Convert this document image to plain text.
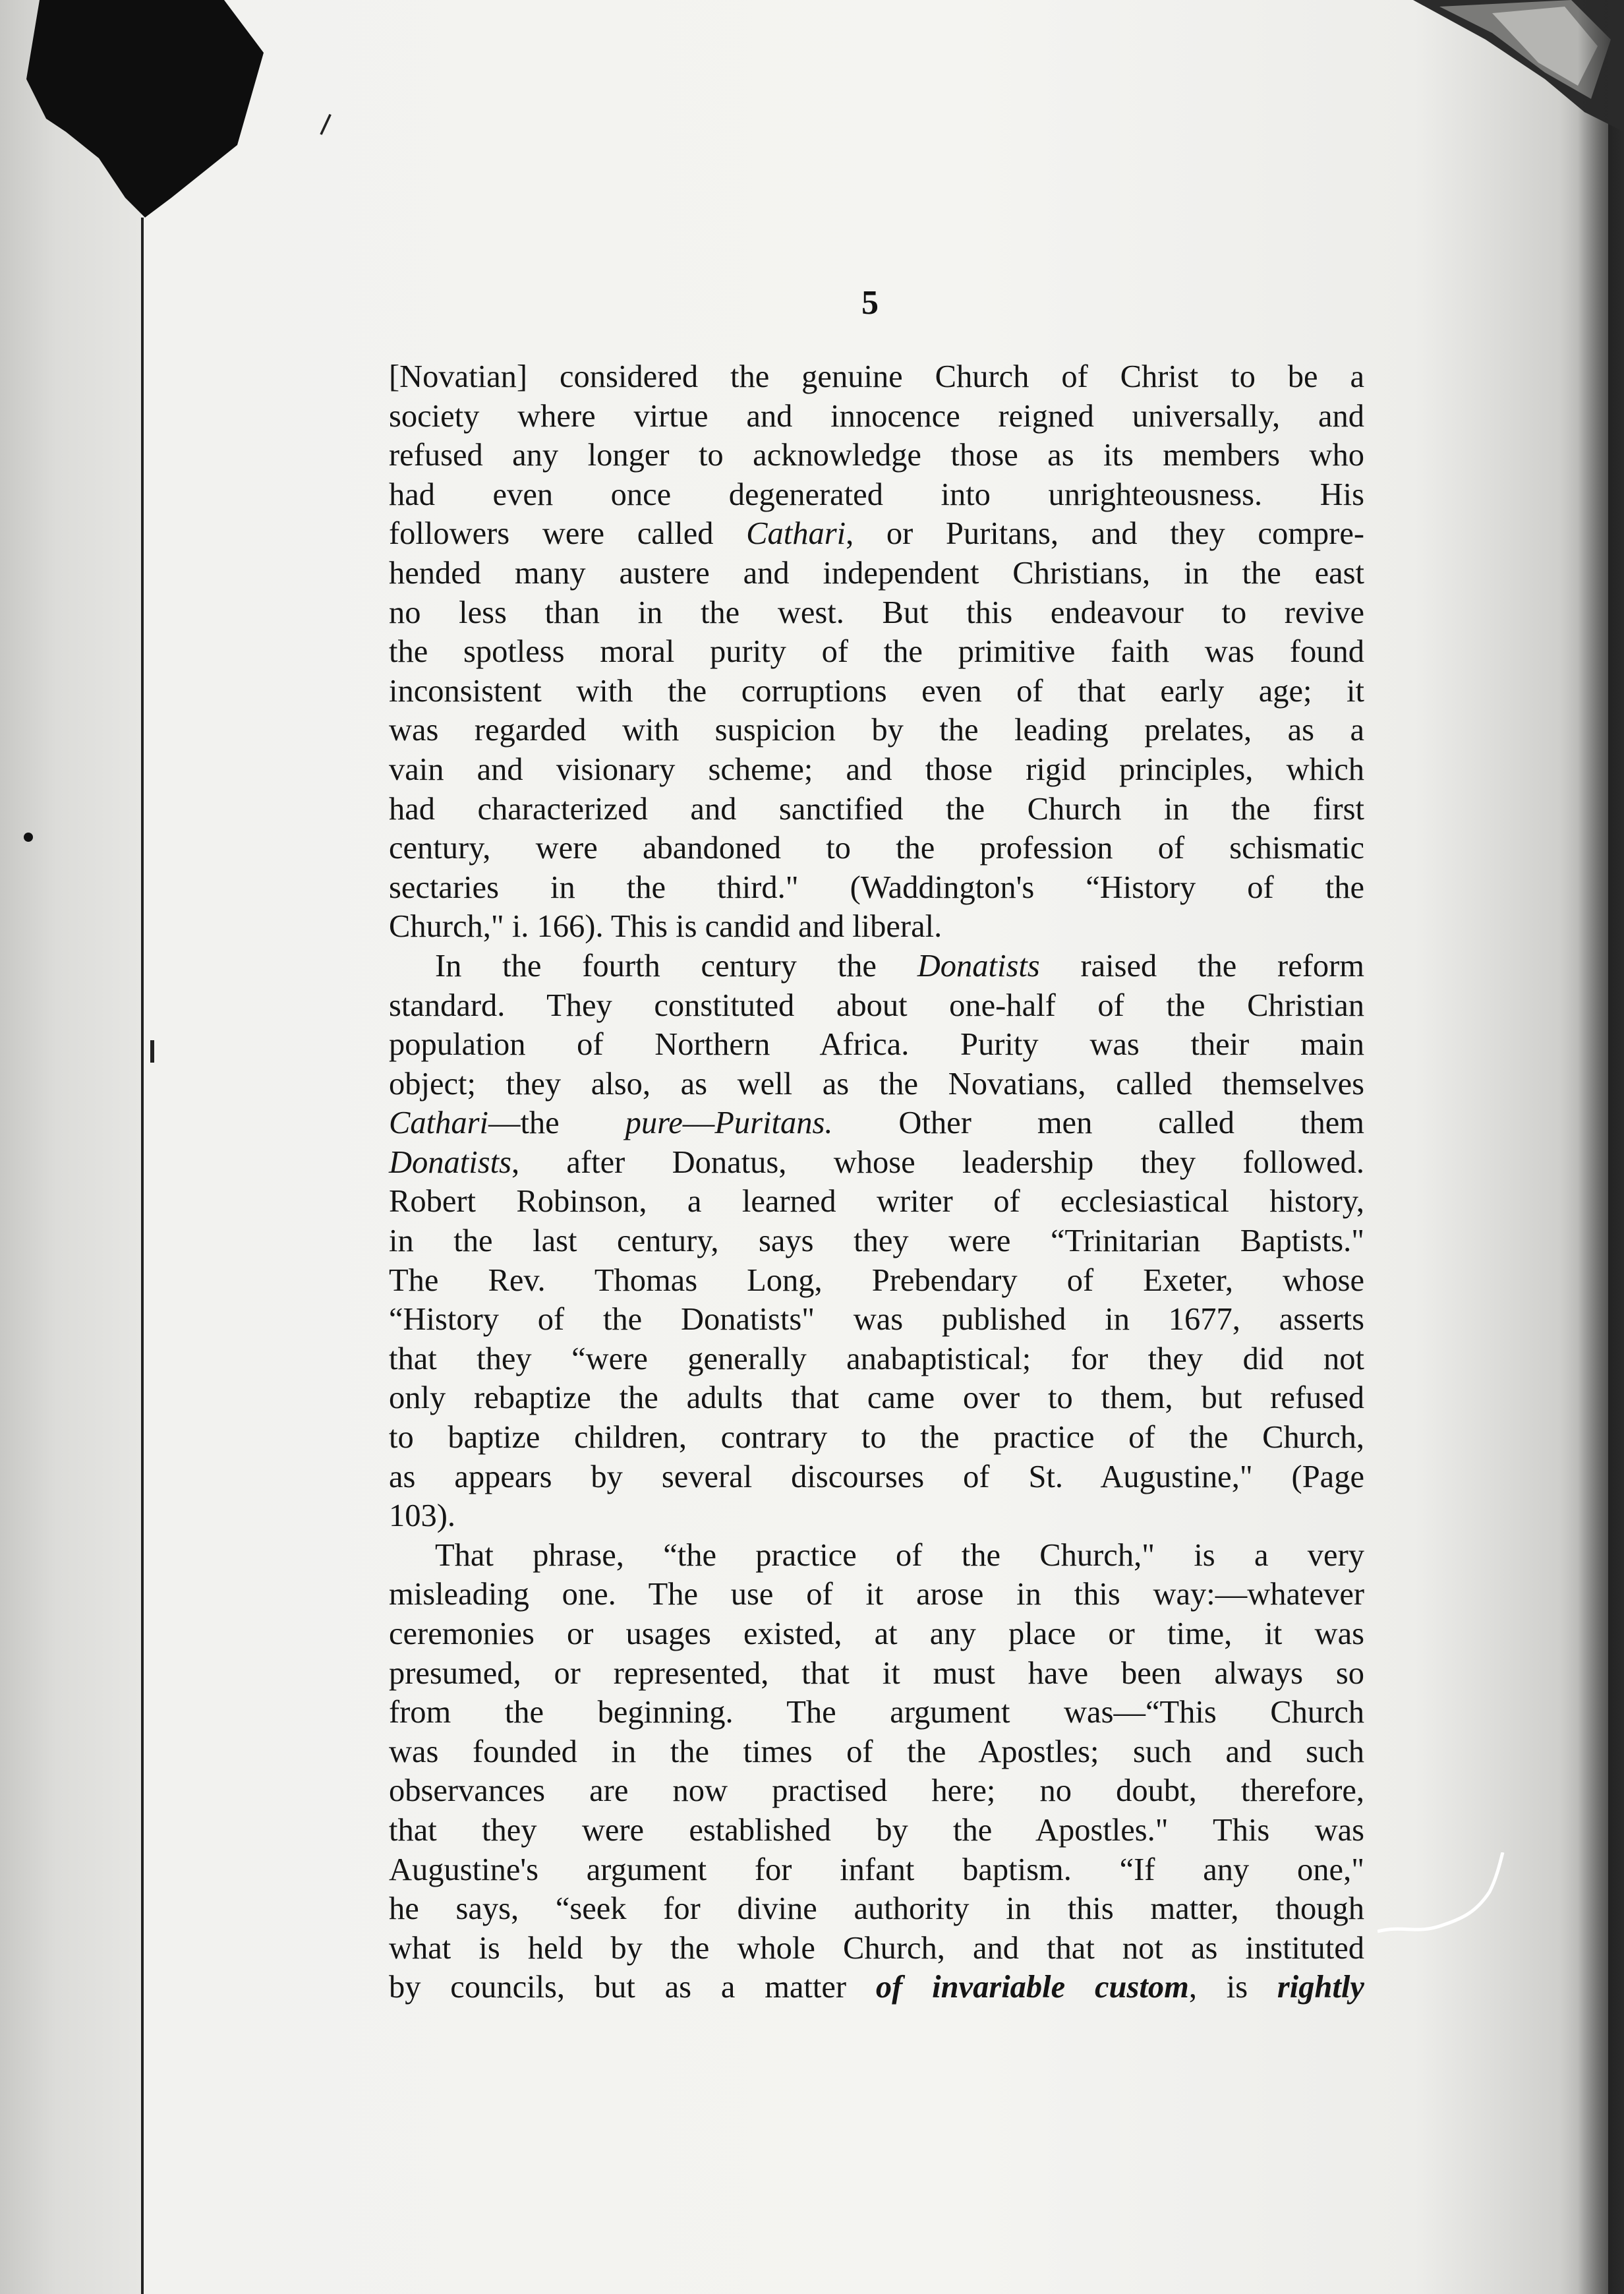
⸍
5
[Novatian] considered the genuine Church of Christ to be a
society where virtue and innocence reigned universally, and
refused any longer to acknowledge those as its members who
had even once degenerated into unrighteousness. His
followers were called Cathari, or Puritans, and they compre-
hended many austere and independent Christians, in the east
no less than in the west. But this endeavour to revive
the spotless moral purity of the primitive faith was found
inconsistent with the corruptions even of that early age; it
was regarded with suspicion by the leading prelates, as a
vain and visionary scheme; and those rigid principles, which
had characterized and sanctified the Church in the first
century, were abandoned to the profession of schismatic
sectaries in the third." (Waddington's “History of the
Church," i. 166). This is candid and liberal.
In the fourth century the Donatists raised the reform
standard. They constituted about one-half of the Christian
population of Northern Africa. Purity was their main
object; they also, as well as the Novatians, called themselves
Cathari—the pure—Puritans. Other men called them
Donatists, after Donatus, whose leadership they followed.
Robert Robinson, a learned writer of ecclesiastical history,
in the last century, says they were “Trinitarian Baptists."
The Rev. Thomas Long, Prebendary of Exeter, whose
“History of the Donatists" was published in 1677, asserts
that they “were generally anabaptistical; for they did not
only rebaptize the adults that came over to them, but refused
to baptize children, contrary to the practice of the Church,
as appears by several discourses of St. Augustine," (Page
103).
That phrase, “the practice of the Church," is a very
misleading one. The use of it arose in this way:—whatever
ceremonies or usages existed, at any place or time, it was
presumed, or represented, that it must have been always so
from the beginning. The argument was—“This Church
was founded in the times of the Apostles; such and such
observances are now practised here; no doubt, therefore,
that they were established by the Apostles." This was
Augustine's argument for infant baptism. “If any one,"
he says, “seek for divine authority in this matter, though
what is held by the whole Church, and that not as instituted
by councils, but as a matter of invariable custom, is rightly
